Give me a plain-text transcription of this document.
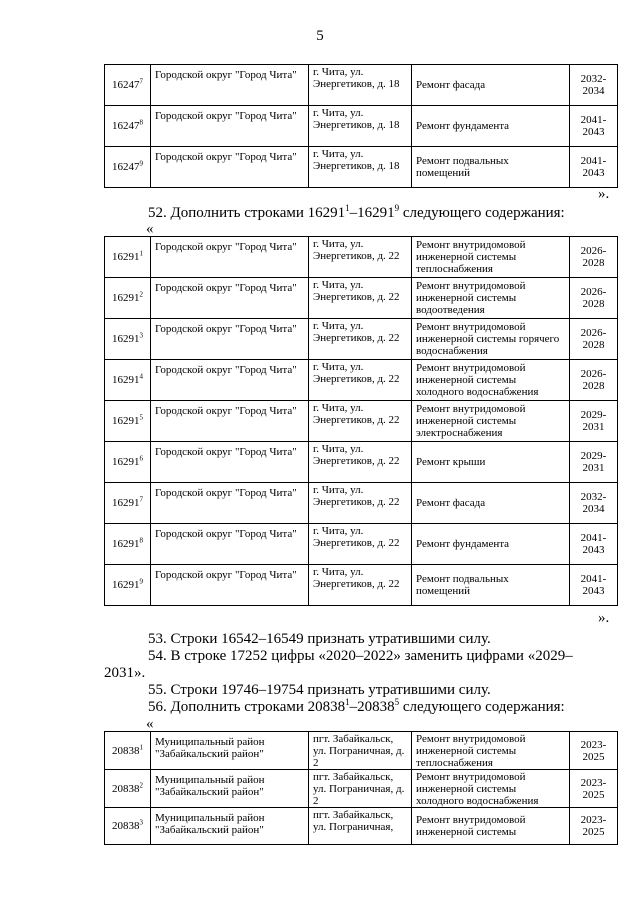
5
16247$^7$	Городской округ "Город Чита"	г. Чита, ул. Энергетиков, д. 18	Ремонт фасада	2032-2034
16247$^8$	Городской округ "Город Чита"	г. Чита, ул. Энергетиков, д. 18	Ремонт фундамента	2041-2043
16247$^9$	Городской округ "Город Чита"	г. Чита, ул. Энергетиков, д. 18	Ремонт подвальных помещений	2041-2043
».
52. Дополнить строками 16291$^1$–16291$^9$ следующего содержания:
«
16291$^1$	Городской округ "Город Чита"	г. Чита, ул. Энергетиков, д. 22	Ремонт внутридомовой инженерной системы теплоснабжения	2026-2028
16291$^2$	Городской округ "Город Чита"	г. Чита, ул. Энергетиков, д. 22	Ремонт внутридомовой инженерной системы водоотведения	2026-2028
16291$^3$	Городской округ "Город Чита"	г. Чита, ул. Энергетиков, д. 22	Ремонт внутридомовой инженерной системы горячего водоснабжения	2026-2028
16291$^4$	Городской округ "Город Чита"	г. Чита, ул. Энергетиков, д. 22	Ремонт внутридомовой инженерной системы холодного водоснабжения	2026-2028
16291$^5$	Городской округ "Город Чита"	г. Чита, ул. Энергетиков, д. 22	Ремонт внутридомовой инженерной системы электроснабжения	2029-2031
16291$^6$	Городской округ "Город Чита"	г. Чита, ул. Энергетиков, д. 22	Ремонт крыши	2029-2031
16291$^7$	Городской округ "Город Чита"	г. Чита, ул. Энергетиков, д. 22	Ремонт фасада	2032-2034
16291$^8$	Городской округ "Город Чита"	г. Чита, ул. Энергетиков, д. 22	Ремонт фундамента	2041-2043
16291$^9$	Городской округ "Город Чита"	г. Чита, ул. Энергетиков, д. 22	Ремонт подвальных помещений	2041-2043
».
53. Строки 16542–16549 признать утратившими силу.
54. В строке 17252 цифры «2020–2022» заменить цифрами «2029–
2031».
55. Строки 19746–19754 признать утратившими силу.
56. Дополнить строками 20838$^1$–20838$^5$ следующего содержания:
«
20838$^1$	Муниципальный район "Забайкальский район"	пгт. Забайкальск, ул. Пограничная, д. 2	Ремонт внутридомовой инженерной системы теплоснабжения	2023-2025
20838$^2$	Муниципальный район "Забайкальский район"	пгт. Забайкальск, ул. Пограничная, д. 2	Ремонт внутридомовой инженерной системы холодного водоснабжения	2023-2025
20838$^3$	Муниципальный район "Забайкальский район"	пгт. Забайкальск, ул. Пограничная,	Ремонт внутридомовой инженерной системы	2023-2025
